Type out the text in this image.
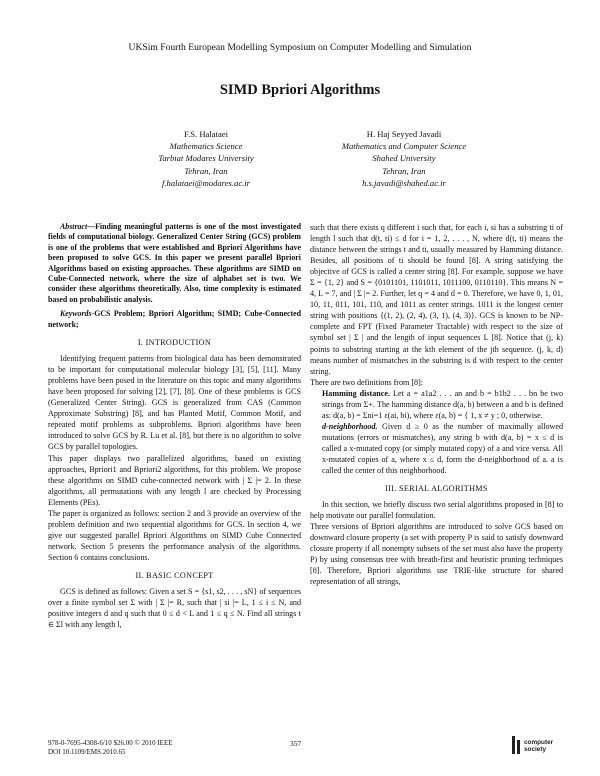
UKSim Fourth European Modelling Symposium on Computer Modelling and Simulation
SIMD Bpriori Algorithms
F.S. Halataei
Mathematics Science
Tarbiat Modares University
Tehran, Iran
f.halataei@modares.ac.ir
H. Haj Seyyed Javadi
Mathematics and Computer Science
Shahed University
Tehran, Iran
h.s.javadi@shahed.ac.ir

Abstract—Finding meaningful patterns is one of the most investigated fields of computational biology. Generalized Center String (GCS) problem is one of the problems that were established and Bpriori Algorithms have been proposed to solve GCS. In this paper we present parallel Bpriori Algorithms based on existing approaches. These algorithms are SIMD on Cube-Connected network, where the size of alphabet set is two. We consider these algorithms theoretically. Also, time complexity is estimated based on probabilistic analysis.

Keywords-GCS Problem; Bpriori Algorithm; SIMD; Cube-Connected network;

I. INTRODUCTION

Identifying frequent patterns from biological data has been demonstrated to be important for computational molecular biology [3], [5], [11]. Many problems have been posed in the literature on this topic and many algorithms have been proposed for solving [2], [7], [8]. One of these problems is GCS (Generalized Center String). GCS is generalized from CAS (Common Approximate Substring) [8], and has Planted Motif, Common Motif, and repeated motif problems as subproblems. Bpriori algorithms have been introduced to solve GCS by R. Lu et al. [8], but there is no algorithm to solve GCS by parallel topologies.

This paper displays two parallelized algorithms, based on existing approaches, Bpriori1 and Bpriori2 algorithms, for this problem. We propose these algorithms on SIMD cube-connected network with | Σ |= 2. In these algorithms, all permutations with any length l are checked by Processing Elements (PEs).

The paper is organized as follows: section 2 and 3 provide an overview of the problem definition and two sequential algorithms for GCS. In section 4, we give our suggested parallel Bpriori Algorithms on SIMD Cube Connected network. Section 5 presents the performance analysis of the algorithms. Section 6 contains conclusions.

II. BASIC CONCEPT

GCS is defined as follows: Given a set S = {s1, s2, . . . , sN} of sequences over a finite symbol set Σ with | Σ |= R, such that | si |= L, 1 ≤ i ≤ N, and positive integers d and q such that 0 ≤ d < L and 1 ≤ q ≤ N. Find all strings t ∈ Σl with any length l,

such that there exists q different i such that, for each i, si has a substring ti of length l such that d(t, ti) ≤ d for i = 1, 2, . . . , N, where d(t, ti) means the distance between the strings t and ti, usually measured by Hamming distance. Besides, all positions of ti should be found [8]. A string satisfying the objective of GCS is called a center string [8]. For example, suppose we have Σ = {1, 2} and S = {0101101, 1101011, 1011100, 0110110}. This means N = 4, L = 7, and | Σ |= 2. Further, let q = 4 and d = 0. Therefore, we have 0, 1, 01, 10, 11, 011, 101, 110, and 1011 as center strings. 1011 is the longest center string with positions {(1, 2), (2, 4), (3, 1), (4, 3)}. GCS is known to be NP-complete and FPT (Fixed Parameter Tractable) with respect to the size of symbol set | Σ | and the length of input sequences L [8]. Notice that (j, k) points to substring starting at the kth element of the jth sequence. (j, k, d) means number of mismatches in the substring is d with respect to the center string.

There are two definitions from [8]:

Hamming distance. Let a = a1a2 . . . an and b = b1b2 . . . bn be two strings from Σ+. The hamming distance d(a, b) between a and b is defined as: d(a, b) = Σni=1 ε(ai, bi), where ε(a, b) = { 1, x ≠ y ; 0, otherwise.

d-neighborhood. Given d ≥ 0 as the number of maximally allowed mutations (errors or mismatches), any string b with d(a, b) = x ≤ d is called a x-mutated copy (or simply mutated copy) of a and vice versa. All x-mutated copies of a, where x ≤ d, form the d-neighborhood of a. a is called the center of this neighborhood.

III. SERIAL ALGORITHMS

In this section, we briefly discuss two serial algorithms proposed in [8] to help motivate our parallel formulation.

Three versions of Bpriori algorithms are introduced to solve GCS based on downward closure property (a set with property P is said to satisfy downward closure property if all nonempty subsets of the set must also have the property P) by using consensus tree with breath-first and heuristic pruning techniques [8]. Therefore, Bpriori algorithms use TRIE-like structure for shared representation of all strings,

978-0-7695-4308-6/10 $26.00 © 2010 IEEE
DOI 10.1109/EMS.2010.65
357	computer
society
